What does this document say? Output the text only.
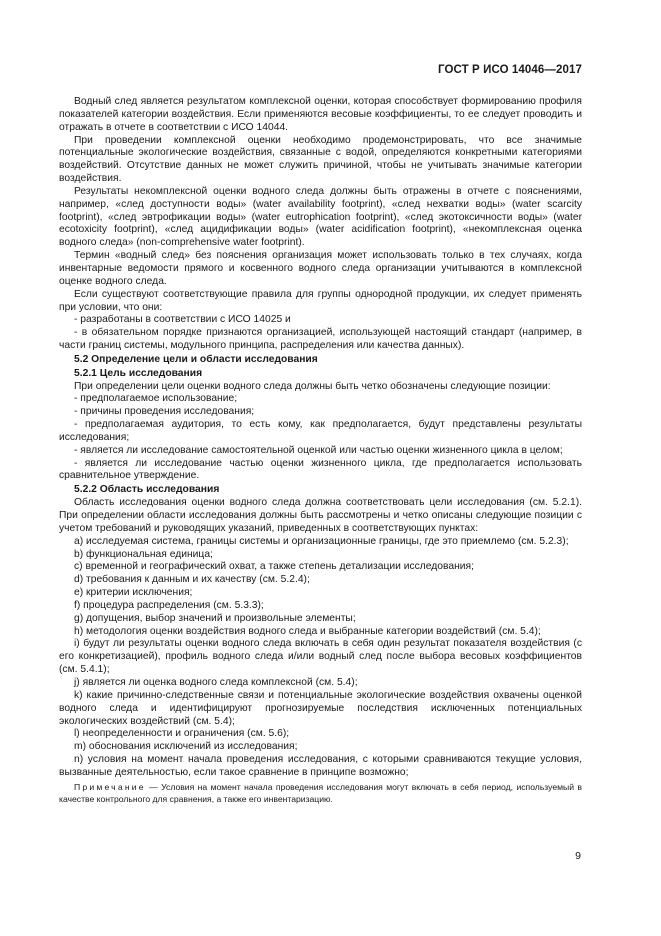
ГОСТ Р ИСО 14046—2017

Водный след является результатом комплексной оценки, которая способствует формированию профиля показателей категории воздействия. Если применяются весовые коэффициенты, то ее следует проводить и отражать в отчете в соответствии с ИСО 14044.

При проведении комплексной оценки необходимо продемонстрировать, что все значимые потенциальные экологические воздействия, связанные с водой, определяются конкретными категориями воздействий. Отсутствие данных не может служить причиной, чтобы не учитывать значимые категории воздействия.

Результаты некомплексной оценки водного следа должны быть отражены в отчете с пояснениями, например, «след доступности воды» (water availability footprint), «след нехватки воды» (water scarcity footprint), «след эвтрофикации воды» (water eutrophication footprint), «след экотоксичности воды» (water ecotoxicity footprint), «след ацидификации воды» (water acidification footprint), «некомплексная оценка водного следа» (non-comprehensive water footprint).

Термин «водный след» без пояснения организация может использовать только в тех случаях, когда инвентарные ведомости прямого и косвенного водного следа организации учитываются в комплексной оценке водного следа.

Если существуют соответствующие правила для группы однородной продукции, их следует применять при условии, что они:

- разработаны в соответствии с ИСО 14025 и

- в обязательном порядке признаются организацией, использующей настоящий стандарт (например, в части границ системы, модульного принципа, распределения или качества данных).

5.2 Определение цели и области исследования

5.2.1 Цель исследования

При определении цели оценки водного следа должны быть четко обозначены следующие позиции:

- предполагаемое использование;

- причины проведения исследования;

- предполагаемая аудитория, то есть кому, как предполагается, будут представлены результаты исследования;

- является ли исследование самостоятельной оценкой или частью оценки жизненного цикла в целом;

- является ли исследование частью оценки жизненного цикла, где предполагается использовать сравнительное утверждение.

5.2.2 Область исследования

Область исследования оценки водного следа должна соответствовать цели исследования (см. 5.2.1). При определении области исследования должны быть рассмотрены и четко описаны следующие позиции с учетом требований и руководящих указаний, приведенных в соответствующих пунктах:

a) исследуемая система, границы системы и организационные границы, где это приемлемо (см. 5.2.3);

b) функциональная единица;

c) временной и географический охват, а также степень детализации исследования;

d) требования к данным и их качеству (см. 5.2.4);

e) критерии исключения;

f) процедура распределения (см. 5.3.3);

g) допущения, выбор значений и произвольные элементы;

h) методология оценки воздействия водного следа и выбранные категории воздействий (см. 5.4);

i) будут ли результаты оценки водного следа включать в себя один результат показателя воздействия (с его конкретизацией), профиль водного следа и/или водный след после выбора весовых коэффициентов (см. 5.4.1);

j) является ли оценка водного следа комплексной (см. 5.4);

k) какие причинно-следственные связи и потенциальные экологические воздействия охвачены оценкой водного следа и идентифицируют прогнозируемые последствия исключенных потенциальных экологических воздействий (см. 5.4);

l) неопределенности и ограничения (см. 5.6);

m) обоснования исключений из исследования;

n) условия на момент начала проведения исследования, с которыми сравниваются текущие условия, вызванные деятельностью, если такое сравнение в принципе возможно;

Примечание — Условия на момент начала проведения исследования могут включать в себя период, используемый в качестве контрольного для сравнения, а также его инвентаризацию.

9
